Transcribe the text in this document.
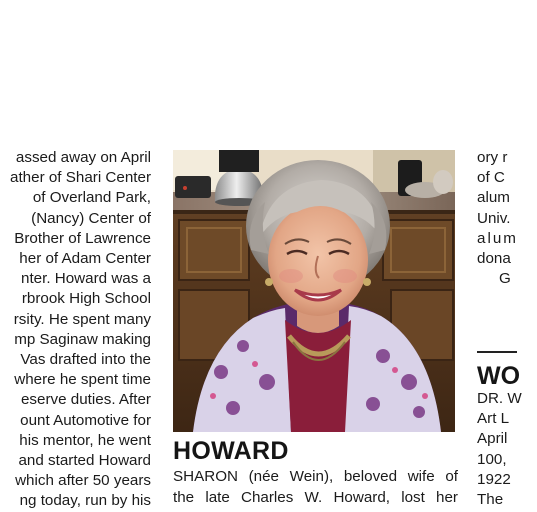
assed away on April
ather of Shari Center
of Overland Park,
(Nancy) Center of
Brother of Lawrence
her of Adam Center
nter. Howard was a
rbrook High School
rsity. He spent many
mp Saginaw making
Vas drafted into the
where he spent time
eserve duties. After
ount Automotive for
his mentor, he went
and started Howard
which after 50 years
ng today, run by his
HOWARD
SHARON (née Wein), beloved wife of
the late Charles W. Howard, lost her
ory r
of C
alum
Univ.
alum
dona
G
WO
DR. W
Art L
April
100,
1922
The
